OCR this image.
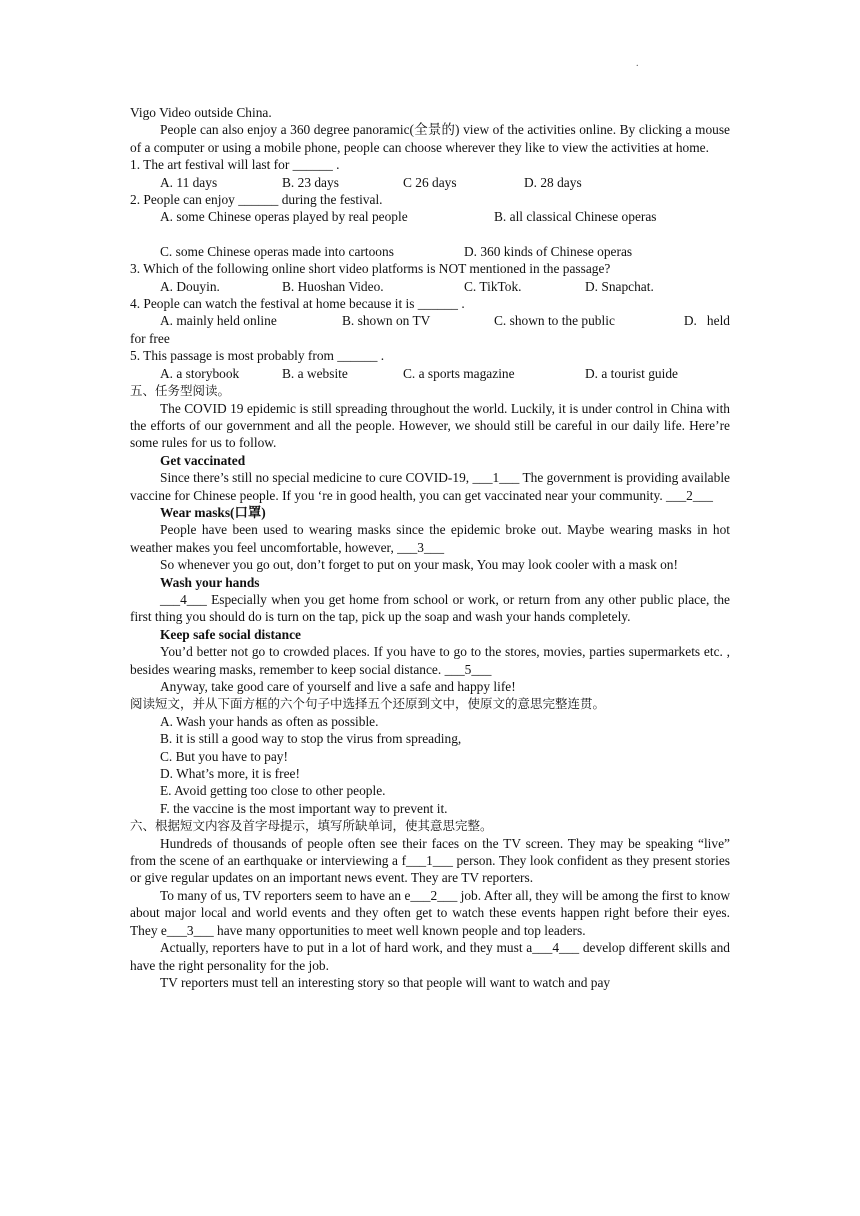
.

Vigo Video outside China.

People can also enjoy a 360 degree panoramic(全景的) view of the activities online. By clicking a mouse of a computer or using a mobile phone, people can choose wherever they like to view the activities at home.

1. The art festival will last for ______ .

A. 11 days	B. 23 days	C 26 days	D. 28 days

2. People can enjoy ______ during the festival.

A. some Chinese operas played by real people	B. all classical Chinese operas
C. some Chinese operas made into cartoons	D. 360 kinds of Chinese operas

3. Which of the following online short video platforms is NOT mentioned in the passage?

A. Douyin.	B. Huoshan Video.	C. TikTok.	D. Snapchat.

4. People can watch the festival at home because it is ______ .

A. mainly held online	B. shown on TV	C. shown to the public	D.   held

for free

5. This passage is most probably from ______ .

A. a storybook	B. a website	C. a sports magazine	D. a tourist guide

五、任务型阅读。

The COVID 19 epidemic is still spreading throughout the world. Luckily, it is under control in China with the efforts of our government and all the people. However, we should still be careful in our daily life. Here’re some rules for us to follow.

Get vaccinated

Since there’s still no special medicine to cure COVID-19, ___1___ The government is providing available vaccine for Chinese people. If you ‘re in good health, you can get vaccinated near your community. ___2___

Wear masks(口罩)

People have been used to wearing masks since the epidemic broke out. Maybe wearing masks in hot weather makes you feel uncomfortable, however, ___3___

So whenever you go out, don’t forget to put on your mask, You may look cooler with a mask on!

Wash your hands

___4___ Especially when you get home from school or work, or return from any other public place, the first thing you should do is turn on the tap, pick up the soap and wash your hands completely.

Keep safe social distance

You’d better not go to crowded places. If you have to go to the stores, movies, parties supermarkets etc. , besides wearing masks, remember to keep social distance. ___5___

Anyway, take good care of yourself and live a safe and happy life!

阅读短文，并从下面方框的六个句子中选择五个还原到文中，使原文的意思完整连贯。

A. Wash your hands as often as possible.

B. it is still a good way to stop the virus from spreading,

C. But you have to pay!

D. What’s more, it is free!

E. Avoid getting too close to other people.

F. the vaccine is the most important way to prevent it.

六、根据短文内容及首字母提示，填写所缺单词，使其意思完整。

Hundreds of thousands of people often see their faces on the TV screen. They may be speaking “live” from the scene of an earthquake or interviewing a f___1___ person. They look confident as they present stories or give regular updates on an important news event. They are TV reporters.

To many of us, TV reporters seem to have an e___2___ job. After all, they will be among the first to know about major local and world events and they often get to watch these events happen right before their eyes. They e___3___ have many opportunities to meet well known people and top leaders.

Actually, reporters have to put in a lot of hard work, and they must a___4___ develop different skills and have the right personality for the job.

TV reporters must tell an interesting story so that people will want to watch and pay
